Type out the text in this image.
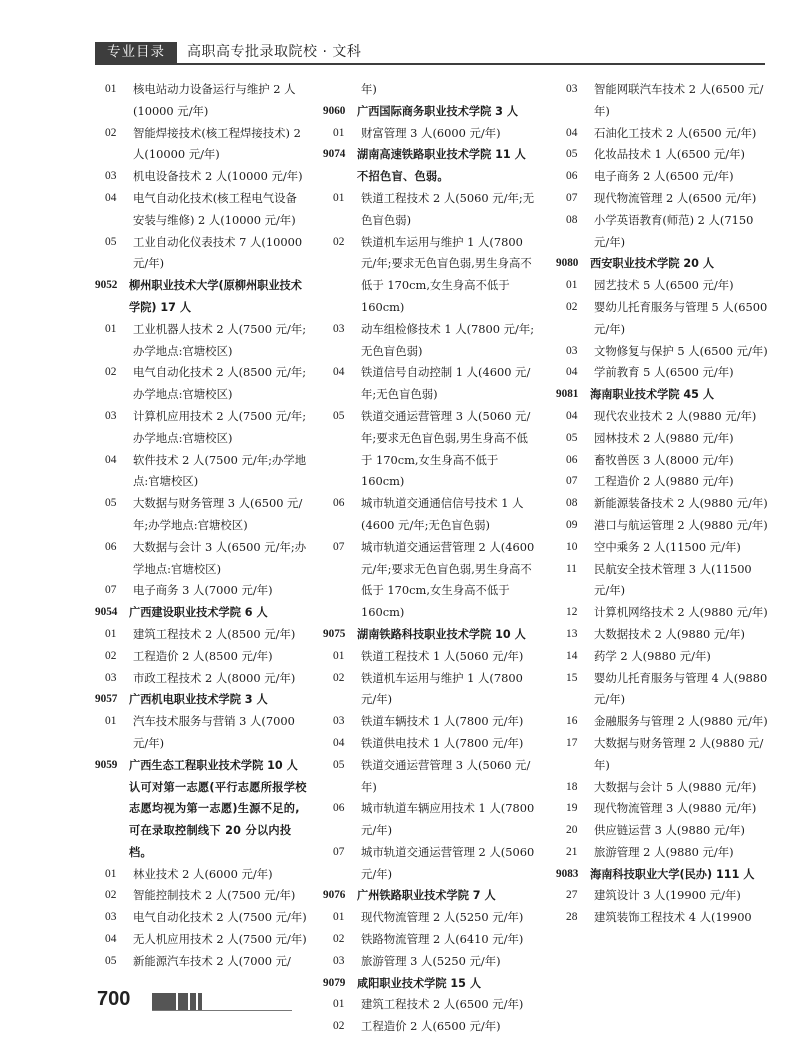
专业目录	高职高专批录取院校 · 文科
01 核电站动力设备运行与维护 2 人 (10000 元/年)
02 智能焊接技术(核工程焊接技术) 2 人(10000 元/年)
03 机电设备技术 2 人(10000 元/年)
04 电气自动化技术(核工程电气设备安装与维修) 2 人(10000 元/年)
05 工业自动化仪表技术 7 人(10000 元/年)
9052 柳州职业技术大学(原柳州职业技术学院) 17 人
01 工业机器人技术 2 人(7500 元/年;办学地点:官塘校区)
02 电气自动化技术 2 人(8500 元/年;办学地点:官塘校区)
03 计算机应用技术 2 人(7500 元/年;办学地点:官塘校区)
04 软件技术 2 人(7500 元/年;办学地点:官塘校区)
05 大数据与财务管理 3 人(6500 元/年;办学地点:官塘校区)
06 大数据与会计 3 人(6500 元/年;办学地点:官塘校区)
07 电子商务 3 人(7000 元/年)
9054 广西建设职业技术学院 6 人
01 建筑工程技术 2 人(8500 元/年)
02 工程造价 2 人(8500 元/年)
03 市政工程技术 2 人(8000 元/年)
9057 广西机电职业技术学院 3 人
01 汽车技术服务与营销 3 人(7000 元/年)
9059 广西生态工程职业技术学院 10 人
认可对第一志愿(平行志愿所报学校志愿均视为第一志愿)生源不足的,可在录取控制线下 20 分以内投档。
01 林业技术 2 人(6000 元/年)
02 智能控制技术 2 人(7500 元/年)
03 电气自动化技术 2 人(7500 元/年)
04 无人机应用技术 2 人(7500 元/年)
05 新能源汽车技术 2 人(7000 元/
年)
9060 广西国际商务职业技术学院 3 人
01 财富管理 3 人(6000 元/年)
9074 湖南高速铁路职业技术学院 11 人
不招色盲、色弱。
01 铁道工程技术 2 人(5060 元/年;无色盲色弱)
02 铁道机车运用与维护 1 人(7800 元/年;要求无色盲色弱,男生身高不低于 170cm,女生身高不低于 160cm)
03 动车组检修技术 1 人(7800 元/年;无色盲色弱)
04 铁道信号自动控制 1 人(4600 元/年;无色盲色弱)
05 铁道交通运营管理 3 人(5060 元/年;要求无色盲色弱,男生身高不低于 170cm,女生身高不低于 160cm)
06 城市轨道交通通信信号技术 1 人(4600 元/年;无色盲色弱)
07 城市轨道交通运营管理 2 人(4600 元/年;要求无色盲色弱,男生身高不低于 170cm,女生身高不低于 160cm)
9075 湖南铁路科技职业技术学院 10 人
01 铁道工程技术 1 人(5060 元/年)
02 铁道机车运用与维护 1 人(7800 元/年)
03 铁道车辆技术 1 人(7800 元/年)
04 铁道供电技术 1 人(7800 元/年)
05 铁道交通运营管理 3 人(5060 元/年)
06 城市轨道车辆应用技术 1 人(7800 元/年)
07 城市轨道交通运营管理 2 人(5060 元/年)
9076 广州铁路职业技术学院 7 人
01 现代物流管理 2 人(5250 元/年)
02 铁路物流管理 2 人(6410 元/年)
03 旅游管理 3 人(5250 元/年)
9079 咸阳职业技术学院 15 人
01 建筑工程技术 2 人(6500 元/年)
02 工程造价 2 人(6500 元/年)
03 智能网联汽车技术 2 人(6500 元/年)
04 石油化工技术 2 人(6500 元/年)
05 化妆品技术 1 人(6500 元/年)
06 电子商务 2 人(6500 元/年)
07 现代物流管理 2 人(6500 元/年)
08 小学英语教育(师范) 2 人(7150 元/年)
9080 西安职业技术学院 20 人
01 园艺技术 5 人(6500 元/年)
02 婴幼儿托育服务与管理 5 人(6500 元/年)
03 文物修复与保护 5 人(6500 元/年)
04 学前教育 5 人(6500 元/年)
9081 海南职业技术学院 45 人
04 现代农业技术 2 人(9880 元/年)
05 园林技术 2 人(9880 元/年)
06 畜牧兽医 3 人(8000 元/年)
07 工程造价 2 人(9880 元/年)
08 新能源装备技术 2 人(9880 元/年)
09 港口与航运管理 2 人(9880 元/年)
10 空中乘务 2 人(11500 元/年)
11 民航安全技术管理 3 人(11500 元/年)
12 计算机网络技术 2 人(9880 元/年)
13 大数据技术 2 人(9880 元/年)
14 药学 2 人(9880 元/年)
15 婴幼儿托育服务与管理 4 人(9880 元/年)
16 金融服务与管理 2 人(9880 元/年)
17 大数据与财务管理 2 人(9880 元/年)
18 大数据与会计 5 人(9880 元/年)
19 现代物流管理 3 人(9880 元/年)
20 供应链运营 3 人(9880 元/年)
21 旅游管理 2 人(9880 元/年)
9083 海南科技职业大学(民办) 111 人
27 建筑设计 3 人(19900 元/年)
28 建筑装饰工程技术 4 人(19900
700
